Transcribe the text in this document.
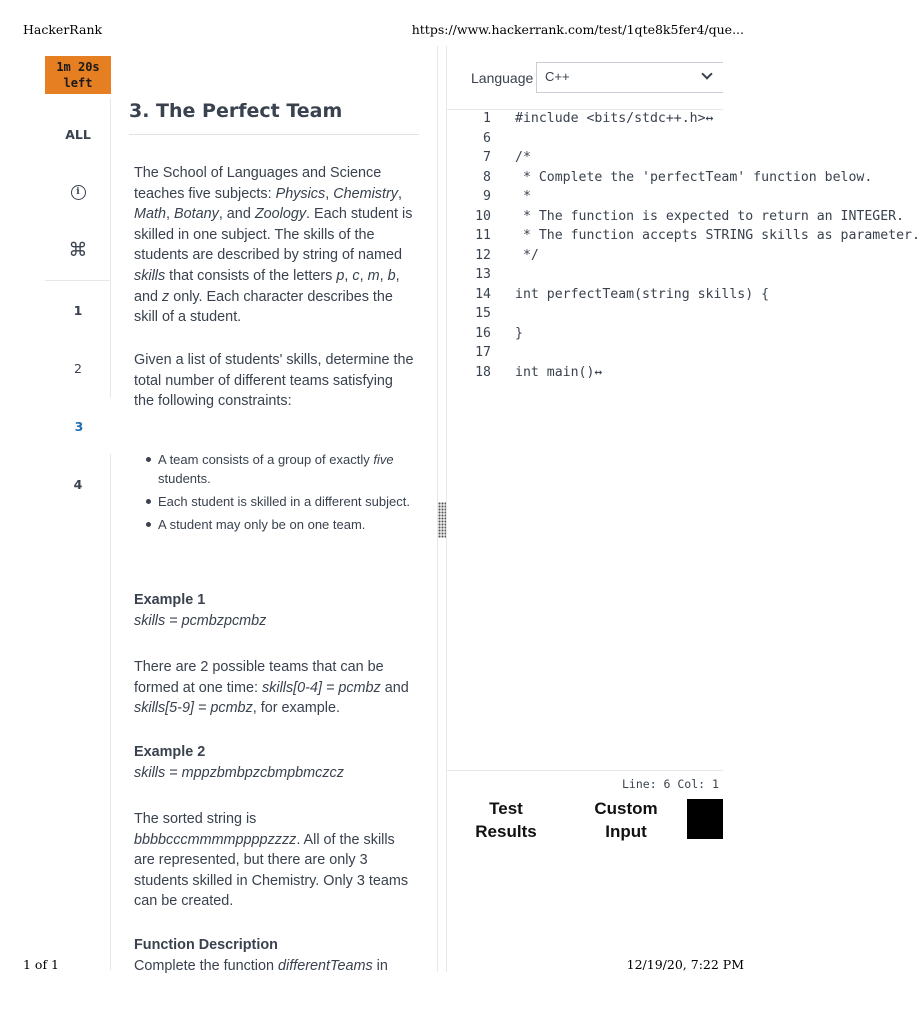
HackerRank	https://www.hackerrank.com/test/1qte8k5fer4/que...
1 of 1	12/19/20, 7:22 PM
1m 20s
left
ALL
i
⌘
1
2
3
4
3. The Perfect Team
The School of Languages and Science teaches five subjects: Physics, Chemistry, Math, Botany, and Zoology. Each student is skilled in one subject. The skills of the students are described by string of named skills that consists of the letters p, c, m, b, and z only. Each character describes the skill of a student.
Given a list of students' skills, determine the total number of different teams satisfying the following constraints:
A team consists of a group of exactly five students.
Each student is skilled in a different subject.
A student may only be on one team.
Example 1
skills = pcmbzpcmbz
There are 2 possible teams that can be formed at one time: skills[0-4] = pcmbz and skills[5-9] = pcmbz, for example.
Example 2
skills = mppzbmbpzcbmpbmczcz
The sorted string is bbbbcccmmmmppppzzzz. All of the skills are represented, but there are only 3 students skilled in Chemistry. Only 3 teams can be created.
Function Description
Complete the function differentTeams in
Language C++
1 #include <bits/stdc++.h>↔
6
7 /*
8 * Complete the 'perfectTeam' function below.
9 *
10 * The function is expected to return an INTEGER.
11 * The function accepts STRING skills as parameter.
12 */
13
14 int perfectTeam(string skills) {
15
16 }
17
18 int main()↔
Line: 6 Col: 1
Test
Results
Custom
Input
